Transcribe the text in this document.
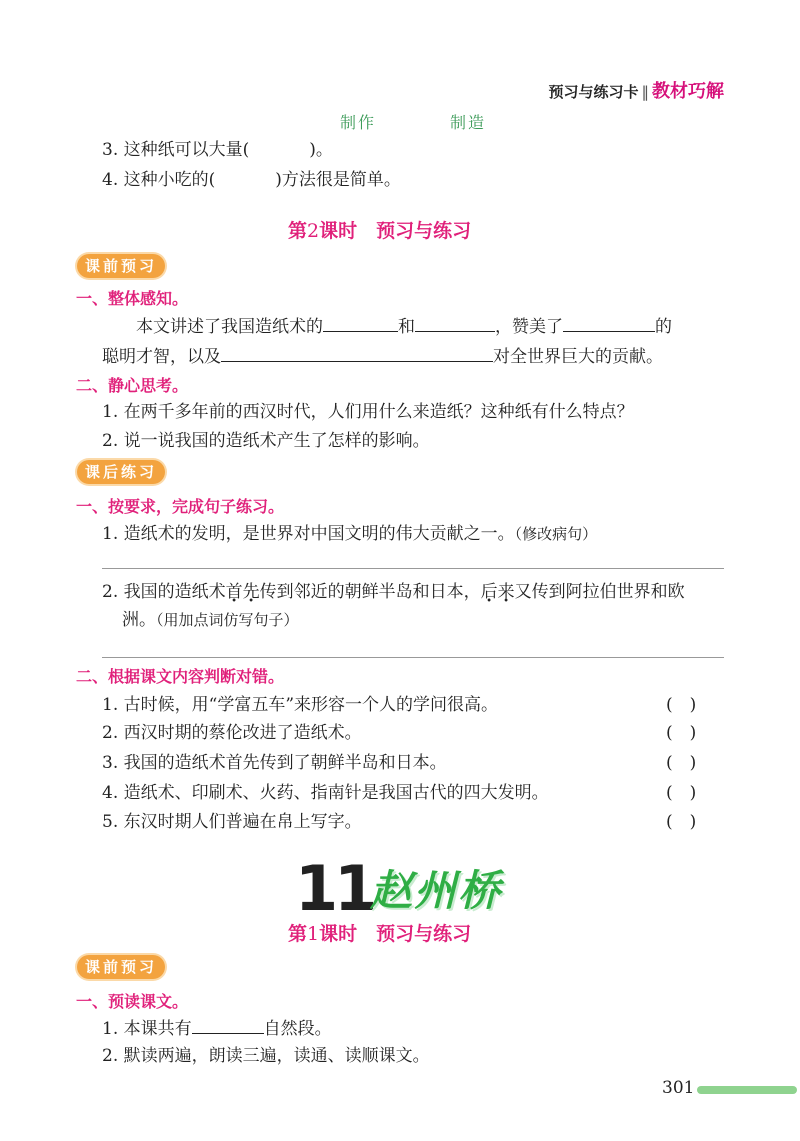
预习与练习卡 ‖ 教材巧解
制作	制造
3. 这种纸可以大量(	)。
4. 这种小吃的(	)方法很是简单。
第2课时　预习与练习
课前预习
一、整体感知。
本文讲述了我国造纸术的	和	，赞美了	的
聪明才智，以及	对全世界巨大的贡献。
二、静心思考。
1. 在两千多年前的西汉时代，人们用什么来造纸？这种纸有什么特点？
2. 说一说我国的造纸术产生了怎样的影响。
课后练习
一、按要求，完成句子练习。
1. 造纸术的发明，是世界对中国文明的伟大贡献之一。（修改病句）
2. 我国的造纸术首先传到邻近的朝鲜半岛和日本，后来又传到阿拉伯世界和欧
洲。（用加点词仿写句子）
二、根据课文内容判断对错。
1. 古时候，用“学富五车”来形容一个人的学问很高。	(　)
2. 西汉时期的蔡伦改进了造纸术。	(　)
3. 我国的造纸术首先传到了朝鲜半岛和日本。	(　)
4. 造纸术、印刷术、火药、指南针是我国古代的四大发明。	(　)
5. 东汉时期人们普遍在帛上写字。	(　)
11
赵州桥
第1课时　预习与练习
课前预习
一、预读课文。
1. 本课共有	自然段。
2. 默读两遍，朗读三遍，读通、读顺课文。
301
